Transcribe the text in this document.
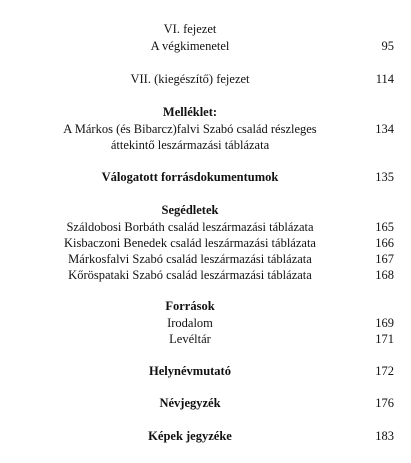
VI. fejezet
A végkimenetel	95
VII. (kiegészítő) fejezet	114
Melléklet:
A Márkos (és Bibarcz)falvi Szabó család részleges	134
áttekintő leszármazási táblázata
Válogatott forrásdokumentumok	135
Segédletek
Száldobosi Borbáth család leszármazási táblázata	165
Kisbaczoni Benedek család leszármazási táblázata	166
Márkosfalvi Szabó család leszármazási táblázata	167
Kőröspataki Szabó család leszármazási táblázata	168
Források
Irodalom	169
Levéltár	171
Helynévmutató	172
Névjegyzék	176
Képek jegyzéke	183
